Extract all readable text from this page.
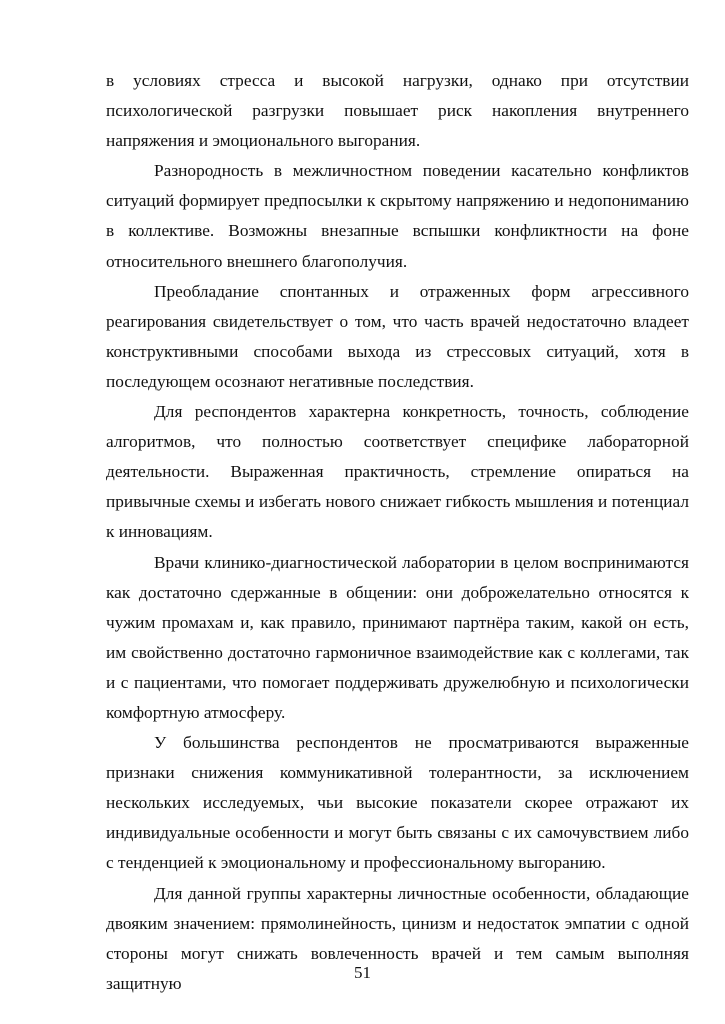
в условиях стресса и высокой нагрузки, однако при отсутствии психологической разгрузки повышает риск накопления внутреннего напряжения и эмоционального выгорания.

Разнородность в межличностном поведении касательно конфликтов ситуаций формирует предпосылки к скрытому напряжению и недопониманию в коллективе. Возможны внезапные вспышки конфликтности на фоне относительного внешнего благополучия.

Преобладание спонтанных и отраженных форм агрессивного реагирования свидетельствует о том, что часть врачей недостаточно владеет конструктивными способами выхода из стрессовых ситуаций, хотя в последующем осознают негативные последствия.

Для респондентов характерна конкретность, точность, соблюдение алгоритмов, что полностью соответствует специфике лабораторной деятельности. Выраженная практичность, стремление опираться на привычные схемы и избегать нового снижает гибкость мышления и потенциал к инновациям.

Врачи клинико-диагностической лаборатории в целом воспринимаются как достаточно сдержанные в общении: они доброжелательно относятся к чужим промахам и, как правило, принимают партнёра таким, какой он есть, им свойственно достаточно гармоничное взаимодействие как с коллегами, так и с пациентами, что помогает поддерживать дружелюбную и психологически комфортную атмосферу.

У большинства респондентов не просматриваются выраженные признаки снижения коммуникативной толерантности, за исключением нескольких исследуемых, чьи высокие показатели скорее отражают их индивидуальные особенности и могут быть связаны с их самочувствием либо с тенденцией к эмоциональному и профессиональному выгоранию.

Для данной группы характерны личностные особенности, обладающие двояким значением: прямолинейность, цинизм и недостаток эмпатии с одной стороны могут снижать вовлеченность врачей и тем самым выполняя защитную

51
